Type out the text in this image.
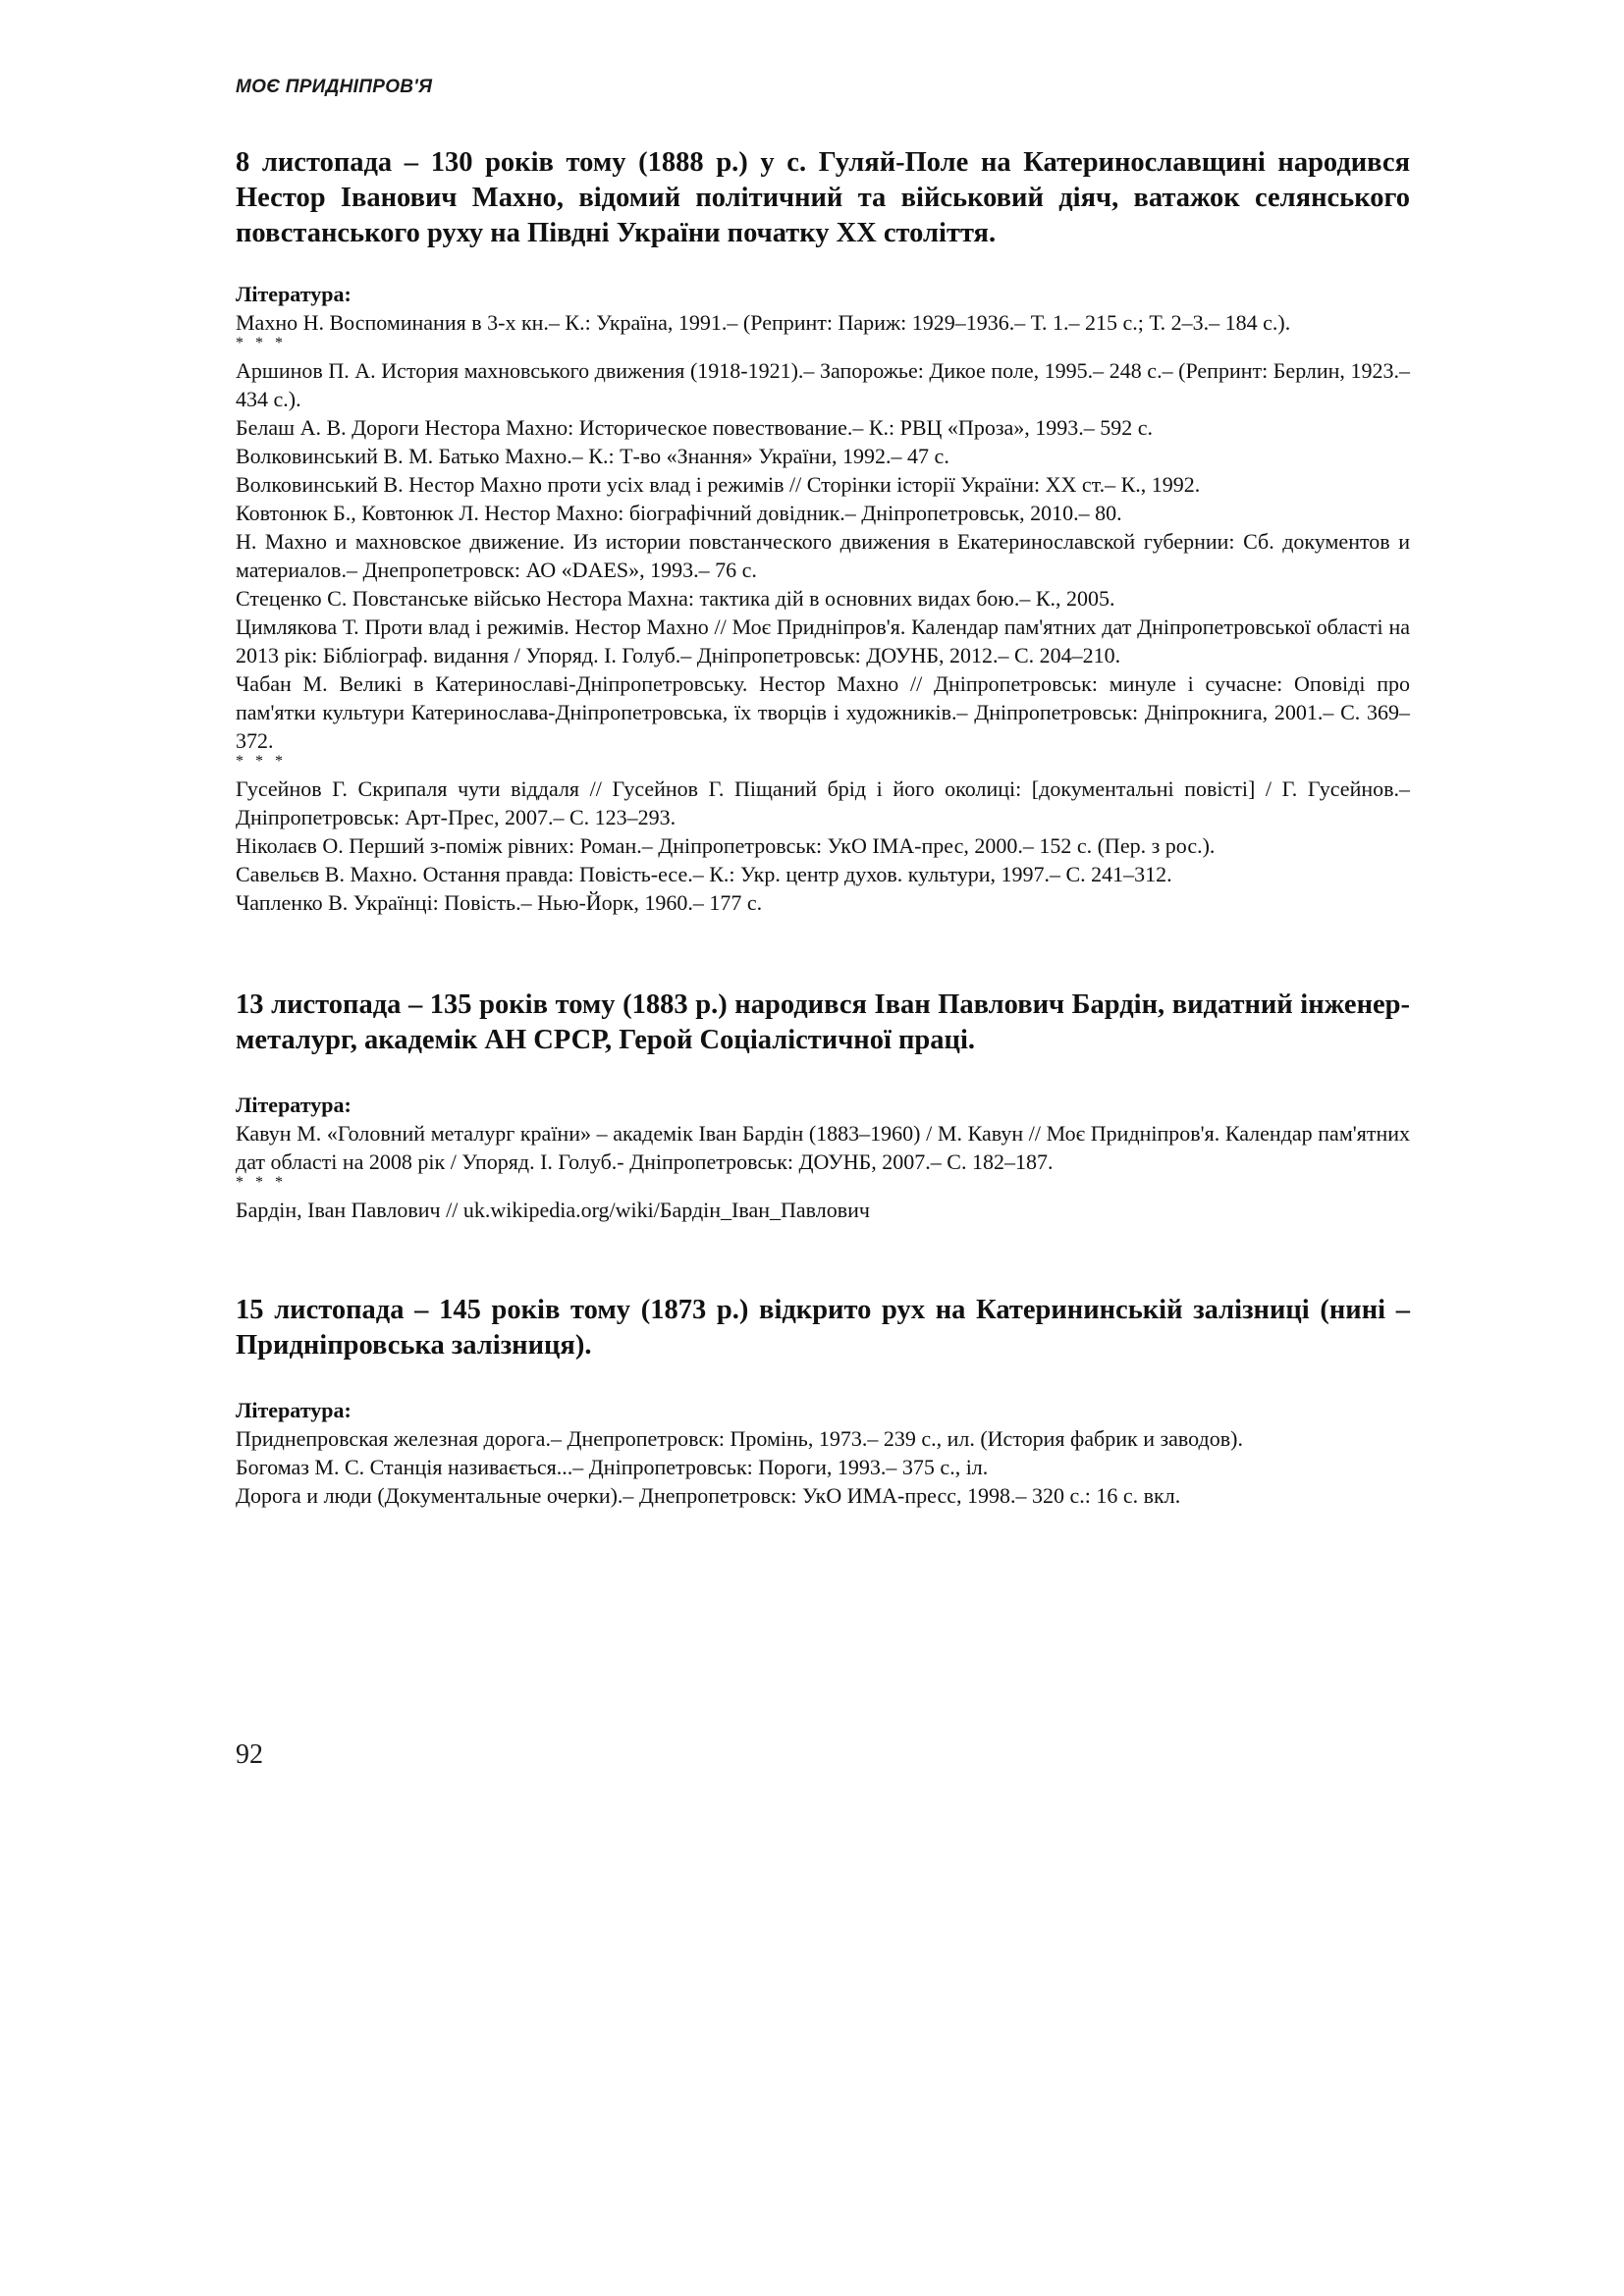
МОЄ ПРИДНІПРОВ'Я

8 листопада – 130 років тому (1888 р.) у с. Гуляй-Поле на Катеринославщині народився Нестор Іванович Махно, відомий політичний та військовий діяч, ватажок селянського повстанського руху на Півдні України початку XX століття.

Література:

Махно Н. Воспоминания в 3-х кн.– К.: Україна, 1991.– (Репринт: Париж: 1929–1936.– Т. 1.– 215 с.; Т. 2–3.– 184 с.).

* * *

Аршинов П. А. История махновського движения (1918-1921).– Запорожье: Дикое поле, 1995.– 248 с.– (Репринт: Берлин, 1923.– 434 с.).

Белаш А. В. Дороги Нестора Махно: Историческое повествование.– К.: РВЦ «Проза», 1993.– 592 с.

Волковинський В. М. Батько Махно.– К.: Т-во «Знання» України, 1992.– 47 с.

Волковинський В. Нестор Махно проти усіх влад і режимів // Сторінки історії України: XX ст.– К., 1992.

Ковтонюк Б., Ковтонюк Л. Нестор Махно: біографічний довідник.– Дніпропетровськ, 2010.– 80.

Н. Махно и махновское движение. Из истории повстанческого движения в Екатеринославской губернии: Сб. документов и материалов.– Днепропетровск: АО «DAES», 1993.– 76 с.

Стеценко С. Повстанське військо Нестора Махна: тактика дій в основних видах бою.– К., 2005.

Цимлякова Т. Проти влад і режимів. Нестор Махно // Моє Придніпров'я. Календар пам'ятних дат Дніпропетровської області на 2013 рік: Бібліограф. видання / Упоряд. І. Голуб.– Дніпропетровськ: ДОУНБ, 2012.– С. 204–210.

Чабан М. Великі в Катеринославі-Дніпропетровську. Нестор Махно // Дніпропетровськ: минуле і сучасне: Оповіді про пам'ятки культури Катеринослава-Дніпропетровська, їх творців і художників.– Дніпропетровськ: Дніпрокнига, 2001.– С. 369–372.

* * *

Гусейнов Г. Скрипаля чути віддаля // Гусейнов Г. Піщаний брід і його околиці: [документальні повісті] / Г. Гусейнов.– Дніпропетровськ: Арт-Прес, 2007.– С. 123–293.

Ніколаєв О. Перший з-поміж рівних: Роман.– Дніпропетровськ: УкО ІМА-прес, 2000.– 152 с. (Пер. з рос.).

Савельєв В. Махно. Остання правда: Повість-есе.– К.: Укр. центр духов. культури, 1997.– С. 241–312.

Чапленко В. Українці: Повість.– Нью-Йорк, 1960.– 177 с.

13 листопада – 135 років тому (1883 р.) народився Іван Павлович Бардін, видатний інженер-металург, академік АН СРСР, Герой Соціалістичної праці.

Література:

Кавун М. «Головний металург країни» – академік Іван Бардін (1883–1960) / М. Кавун // Моє Придніпров'я. Календар пам'ятних дат області на 2008 рік / Упоряд. І. Голуб.- Дніпропетровськ: ДОУНБ, 2007.– С. 182–187.

* * *

Бардін, Іван Павлович // uk.wikipedia.org/wiki/Бардін_Іван_Павлович

15 листопада – 145 років тому (1873 р.) відкрито рух на Катерининській залізниці (нині – Придніпровська залізниця).

Література:

Приднепровская железная дорога.– Днепропетровск: Промінь, 1973.– 239 с., ил. (История фабрик и заводов).

Богомаз М. С. Станція називається...– Дніпропетровськ: Пороги, 1993.– 375 с., іл.

Дорога и люди (Документальные очерки).– Днепропетровск: УкО ИМА-пресс, 1998.– 320 с.: 16 с. вкл.

92
